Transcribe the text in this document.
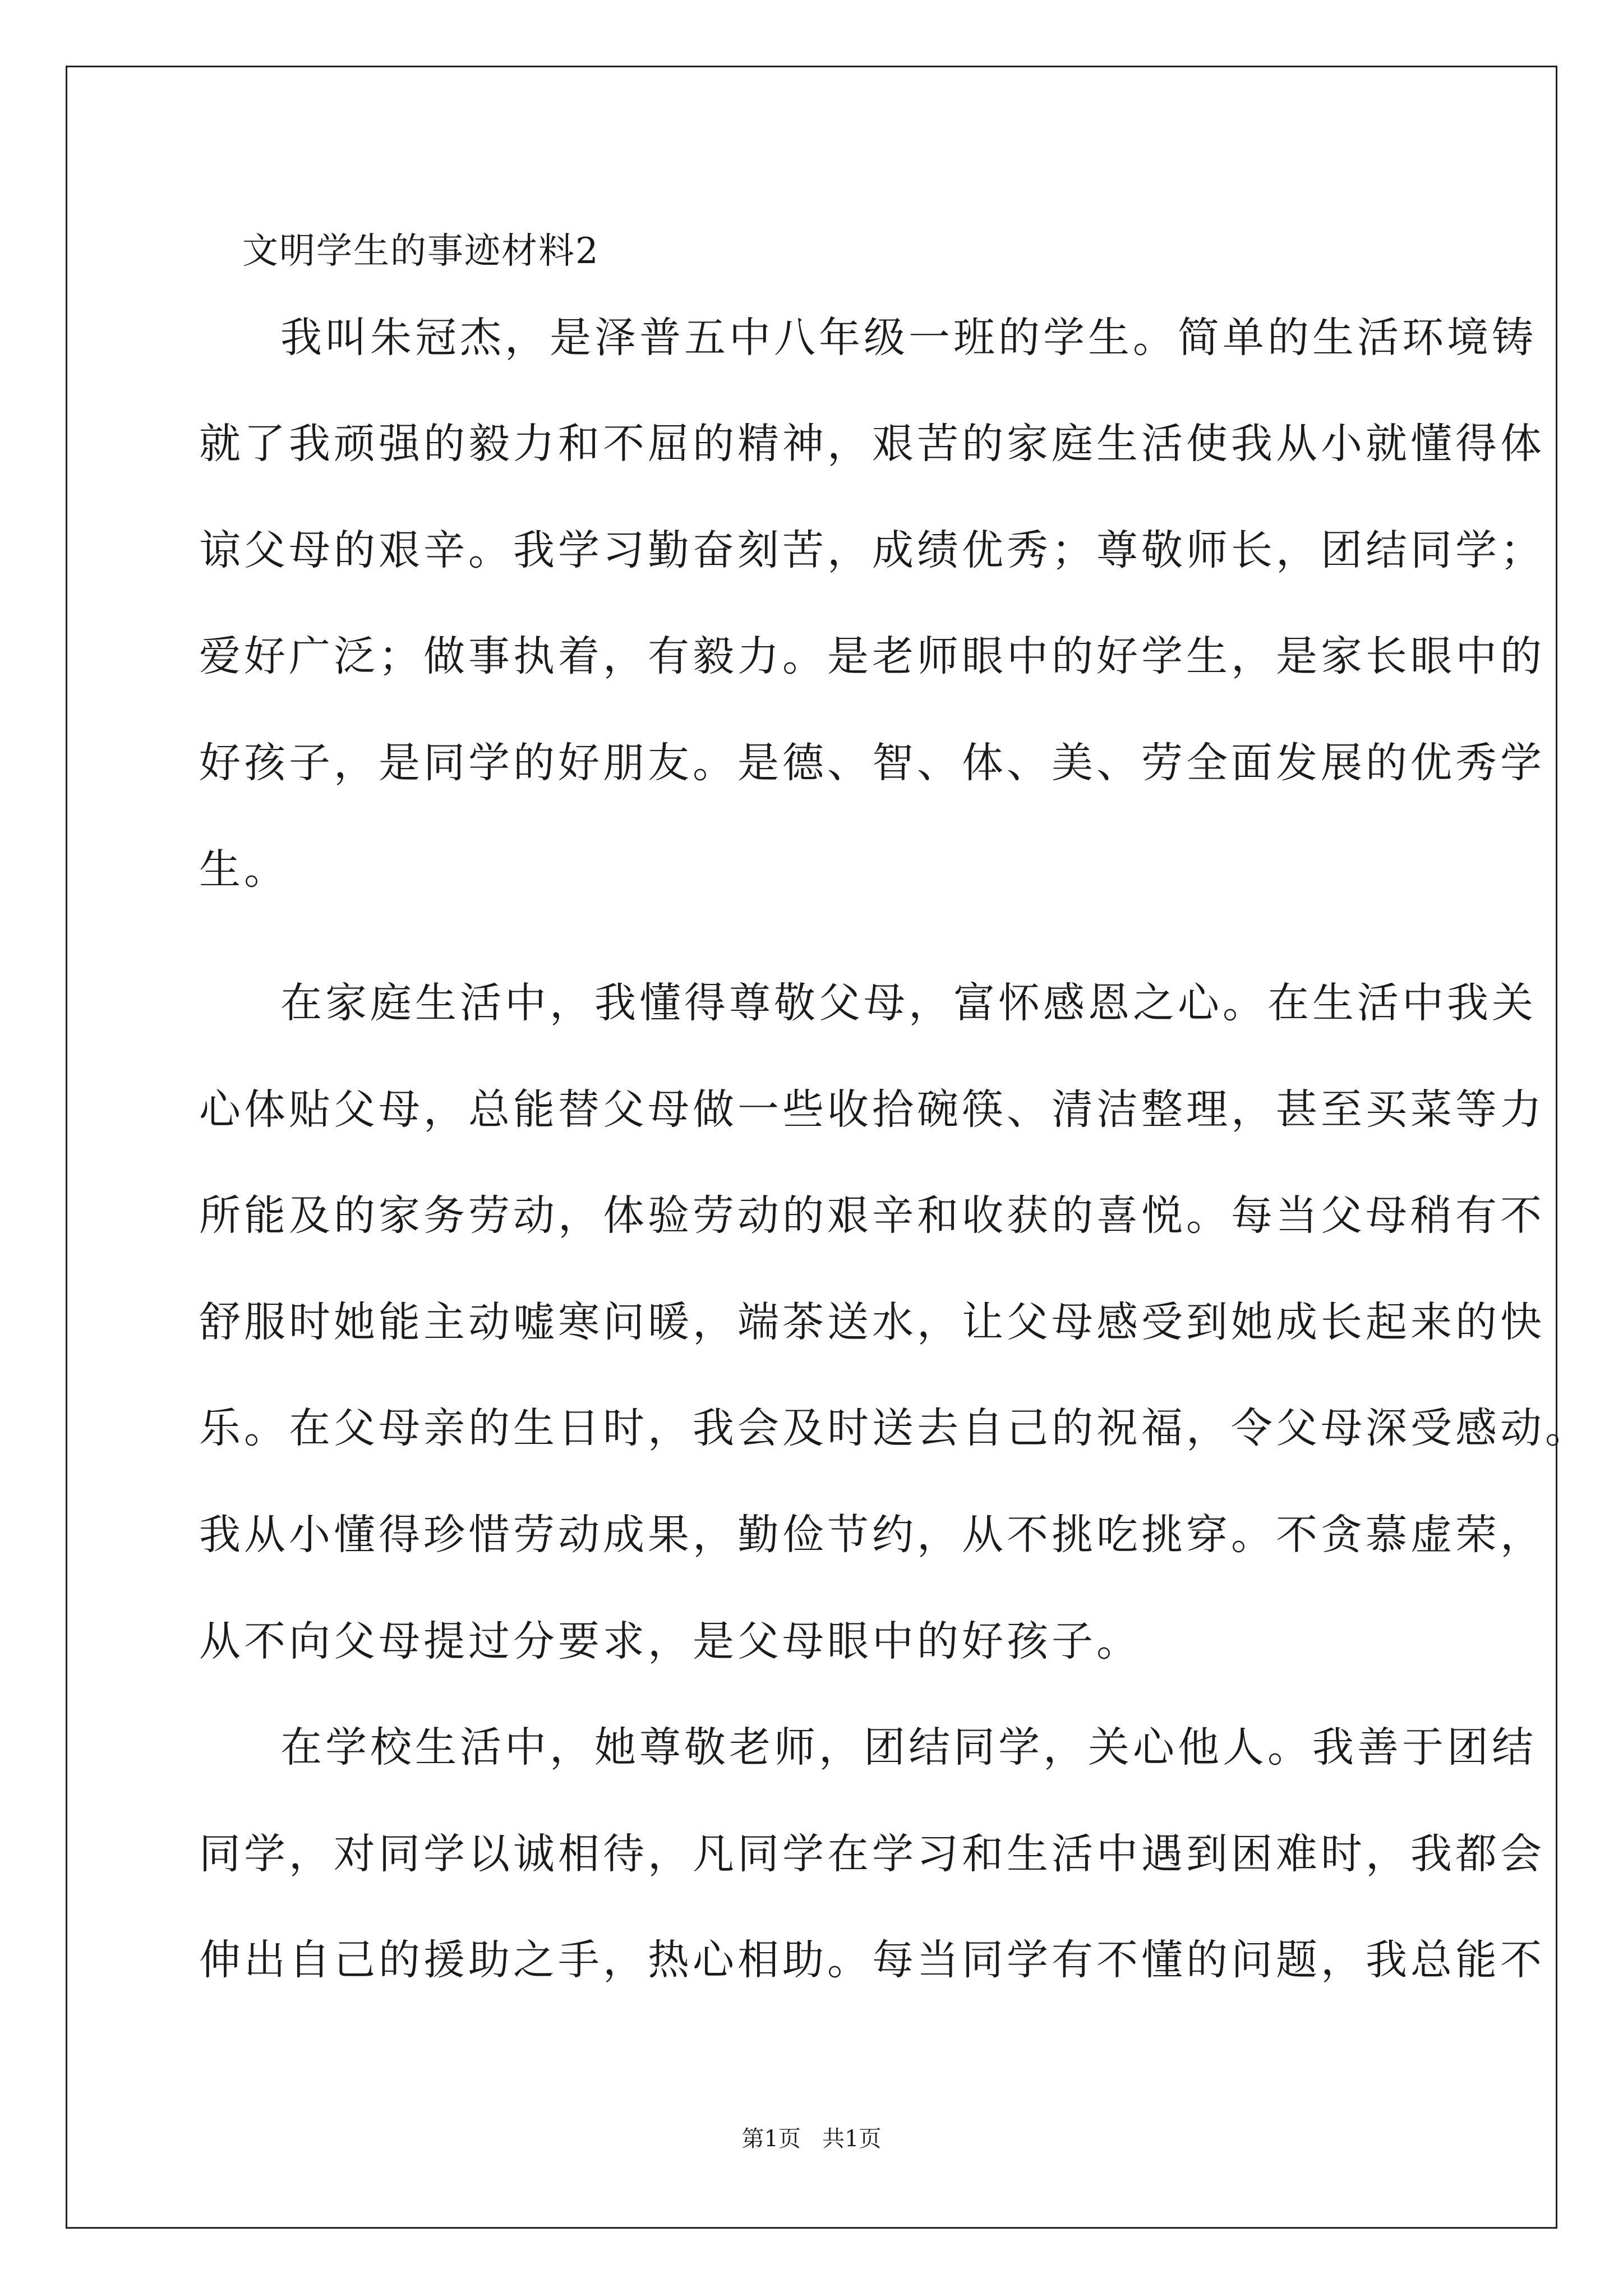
文明学生的事迹材料2
我叫朱冠杰，是泽普五中八年级一班的学生。简单的生活环境铸
就了我顽强的毅力和不屈的精神，艰苦的家庭生活使我从小就懂得体
谅父母的艰辛。我学习勤奋刻苦，成绩优秀；尊敬师长，团结同学；
爱好广泛；做事执着，有毅力。是老师眼中的好学生，是家长眼中的
好孩子，是同学的好朋友。是德、智、体、美、劳全面发展的优秀学
生。
在家庭生活中，我懂得尊敬父母，富怀感恩之心。在生活中我关
心体贴父母，总能替父母做一些收拾碗筷、清洁整理，甚至买菜等力
所能及的家务劳动，体验劳动的艰辛和收获的喜悦。每当父母稍有不
舒服时她能主动嘘寒问暖，端茶送水，让父母感受到她成长起来的快
乐。在父母亲的生日时，我会及时送去自己的祝福，令父母深受感动。
我从小懂得珍惜劳动成果，勤俭节约，从不挑吃挑穿。不贪慕虚荣，
从不向父母提过分要求，是父母眼中的好孩子。
在学校生活中，她尊敬老师，团结同学，关心他人。我善于团结
同学，对同学以诚相待，凡同学在学习和生活中遇到困难时，我都会
伸出自己的援助之手，热心相助。每当同学有不懂的问题，我总能不
第1页   共1页
